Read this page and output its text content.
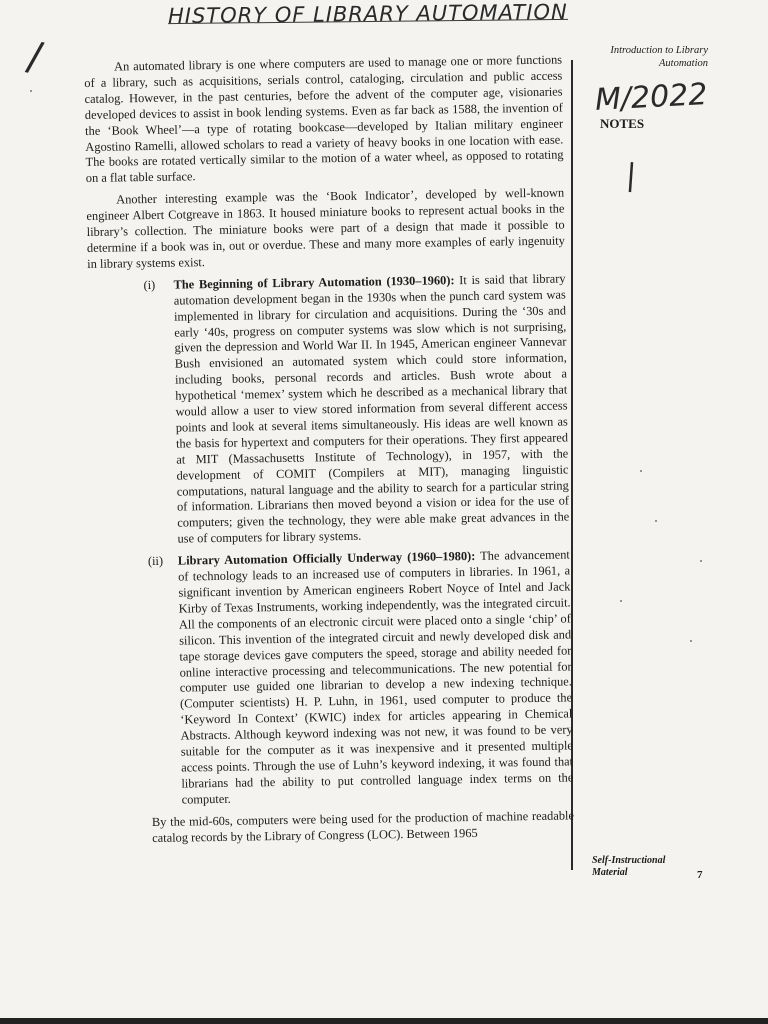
HISTORY OF LIBRARY AUTOMATION
/
M/2022
|
Introduction to Library
Automation
NOTES

An automated library is one where computers are used to manage one or more functions of a library, such as acquisitions, serials control, cataloging, circulation and public access catalog. However, in the past centuries, before the advent of the computer age, visionaries developed devices to assist in book lending systems. Even as far back as 1588, the invention of the ‘Book Wheel’—a type of rotating bookcase—developed by Italian military engineer Agostino Ramelli, allowed scholars to read a variety of heavy books in one location with ease. The books are rotated vertically similar to the motion of a water wheel, as opposed to rotating on a flat table surface.

Another interesting example was the ‘Book Indicator’, developed by well-known engineer Albert Cotgreave in 1863. It housed miniature books to represent actual books in the library’s collection. The miniature books were part of a design that made it possible to determine if a book was in, out or overdue. These and many more examples of early ingenuity in library systems exist.

(i) The Beginning of Library Automation (1930–1960): It is said that library automation development began in the 1930s when the punch card system was implemented in library for circulation and acquisitions. During the ‘30s and early ‘40s, progress on computer systems was slow which is not surprising, given the depression and World War II. In 1945, American engineer Vannevar Bush envisioned an automated system which could store information, including books, personal records and articles. Bush wrote about a hypothetical ‘memex’ system which he described as a mechanical library that would allow a user to view stored information from several different access points and look at several items simultaneously. His ideas are well known as the basis for hypertext and computers for their operations. They first appeared at MIT (Massachusetts Institute of Technology), in 1957, with the development of COMIT (Compilers at MIT), managing linguistic computations, natural language and the ability to search for a particular string of information. Librarians then moved beyond a vision or idea for the use of computers; given the technology, they were able make great advances in the use of computers for library systems.
(ii) Library Automation Officially Underway (1960–1980): The advancement of technology leads to an increased use of computers in libraries. In 1961, a significant invention by American engineers Robert Noyce of Intel and Jack Kirby of Texas Instruments, working independently, was the integrated circuit. All the components of an electronic circuit were placed onto a single ‘chip’ of silicon. This invention of the integrated circuit and newly developed disk and tape storage devices gave computers the speed, storage and ability needed for online interactive processing and telecommunications. The new potential for computer use guided one librarian to develop a new indexing technique. (Computer scientists) H. P. Luhn, in 1961, used computer to produce the ‘Keyword In Context’ (KWIC) index for articles appearing in Chemical Abstracts. Although keyword indexing was not new, it was found to be very suitable for the computer as it was inexpensive and it presented multiple access points. Through the use of Luhn’s keyword indexing, it was found that librarians had the ability to put controlled language index terms on the computer.

By the mid-60s, computers were being used for the production of machine readable catalog records by the Library of Congress (LOC). Between 1965

Self-Instructional
Material	7
